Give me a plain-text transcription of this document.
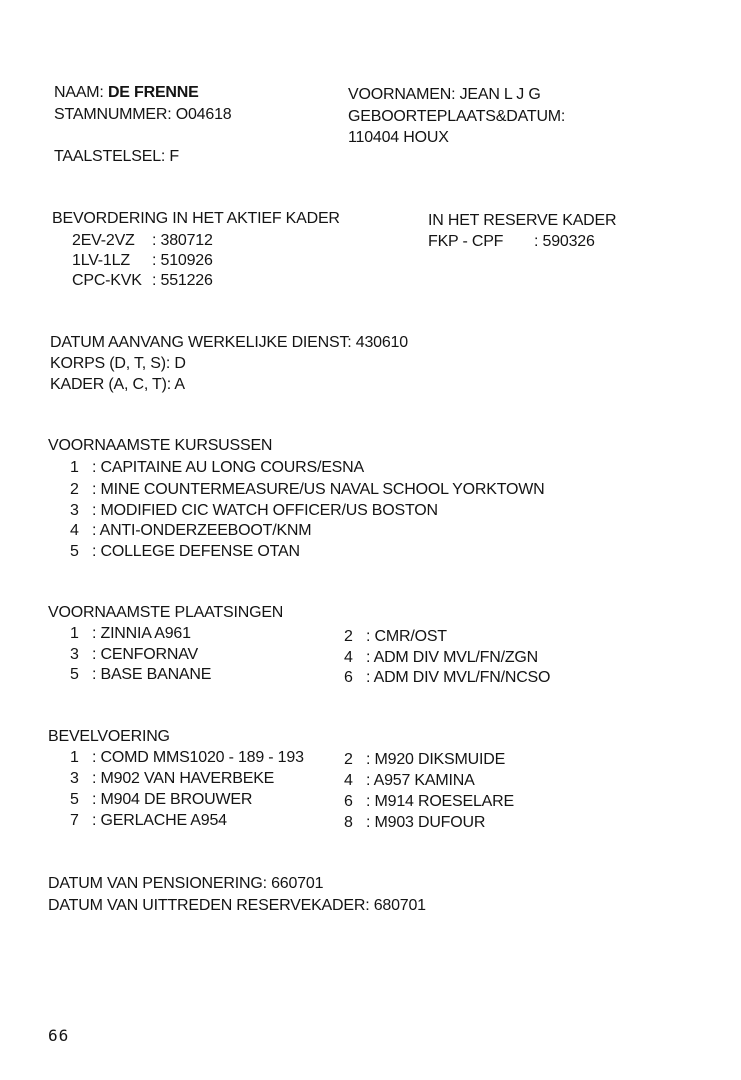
NAAM: DE FRENNE
STAMNUMMER: O04618
TAALSTELSEL: F
VOORNAMEN: JEAN L J G
GEBOORTEPLAATS&DATUM:
110404 HOUX
BEVORDERING IN HET AKTIEF KADER
2EV-2VZ : 380712
1LV-1LZ : 510926
CPC-KVK : 551226
IN HET RESERVE KADER
FKP - CPF : 590326
DATUM AANVANG WERKELIJKE DIENST: 430610
KORPS (D, T, S): D
KADER (A, C, T): A
VOORNAAMSTE KURSUSSEN
1 : CAPITAINE AU LONG COURS/ESNA
2 : MINE COUNTERMEASURE/US NAVAL SCHOOL YORKTOWN
3 : MODIFIED CIC WATCH OFFICER/US BOSTON
4 : ANTI-ONDERZEEBOOT/KNM
5 : COLLEGE DEFENSE OTAN
VOORNAAMSTE PLAATSINGEN
1 : ZINNIA A961
3 : CENFORNAV
5 : BASE BANANE
2 : CMR/OST
4 : ADM DIV MVL/FN/ZGN
6 : ADM DIV MVL/FN/NCSO
BEVELVOERING
1 : COMD MMS1020 - 189 - 193
3 : M902 VAN HAVERBEKE
5 : M904 DE BROUWER
7 : GERLACHE A954
2 : M920 DIKSMUIDE
4 : A957 KAMINA
6 : M914 ROESELARE
8 : M903 DUFOUR
DATUM VAN PENSIONERING: 660701
DATUM VAN UITTREDEN RESERVEKADER: 680701
66
